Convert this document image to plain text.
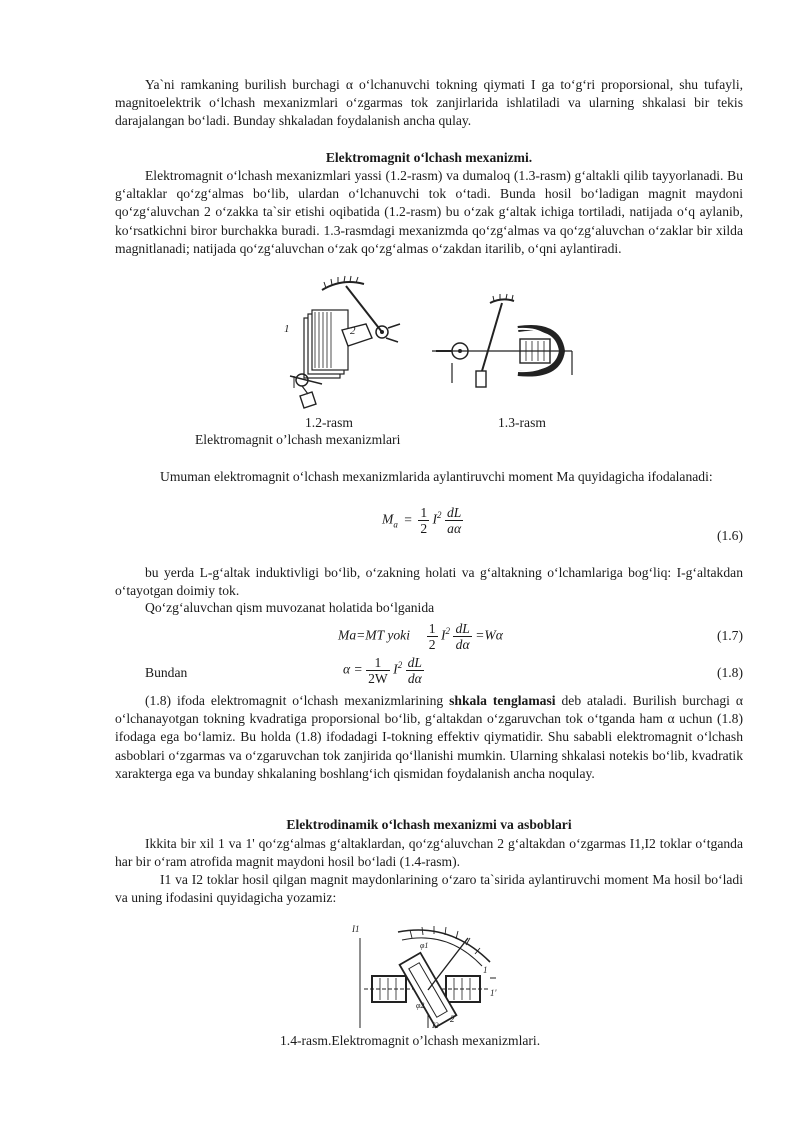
Ya`ni ramkaning burilish burchagi α o‘lchanuvchi tokning qiymati I ga to‘g‘ri proporsional, shu tufayli, magnitoelektrik o‘lchash mexanizmlari o‘zgarmas tok zanjirlarida ishlatiladi va ularning shkalasi bir tekis darajalangan bo‘ladi. Bunday shkaladan foydalanish ancha qulay.

Elektromagnit o‘lchash mexanizmi.

Elektromagnit o‘lchash mexanizmlari yassi (1.2-rasm) va dumaloq (1.3-rasm) g‘altakli qilib tayyorlanadi. Bu g‘altaklar qo‘zg‘almas bo‘lib, ulardan o‘lchanuvchi tok o‘tadi. Bunda hosil bo‘ladigan magnit maydoni qo‘zg‘aluvchan 2 o‘zakka ta`sir etishi oqibatida (1.2-rasm) bu o‘zak g‘altak ichiga tortiladi, natijada o‘q aylanib, ko‘rsatkichni biror burchakka buradi. 1.3-rasmdagi mexanizmda qo‘zg‘almas va qo‘zg‘aluvchan o‘zaklar bir xilda magnitlanadi; natijada qo‘zg‘aluvchan o‘zak qo‘zg‘almas o‘zakdan itarilib, o‘qni aylantiradi.

1	2

1.2-rasm	1.3-rasm

Elektromagnit o’lchash mexanizmlari

Umuman elektromagnit o‘lchash mexanizmlarida aylantiruvchi moment Mа quyidagicha ifodalanadi:

$M_a = \frac{1}{2} I^2 \frac{dL}{a\alpha}$	(1.6)

bu yerda L-g‘altak induktivligi bo‘lib, o‘zakning holati va g‘altakning o‘lchamlariga bog‘liq: I-g‘altakdan o‘tayotgan doimiy tok.

Qo‘zg‘aluvchan qism muvozanat holatida bo‘lganida

Mа=MT yoki $\frac{1}{2} I^2 \frac{dL}{d\alpha} =W\alpha$	(1.7)

Bundan	$\alpha = \frac{1}{2W} I^2 \frac{dL}{d\alpha}$	(1.8)

(1.8) ifoda elektromagnit o‘lchash mexanizmlarining shkala tenglamasi deb ataladi. Burilish burchagi α o‘lchanayotgan tokning kvadratiga proporsional bo‘lib, g‘altakdan o‘zgaruvchan tok o‘tganda ham α uchun (1.8) ifodaga ega bo‘lamiz. Bu holda (1.8) ifodadagi I-tokning effektiv qiymatidir. Shu sababli elektromagnit o‘lchash asboblari o‘zgarmas va o‘zgaruvchan tok zanjirida qo‘llanishi mumkin. Ularning shkalasi notekis bo‘lib, kvadratik xarakterga ega va bunday shkalaning boshlang‘ich qismidan foydalanish ancha noqulay.

Elektrodinamik o‘lchash mexanizmi va asboblari

Ikkita bir xil 1 va 1' qo‘zg‘almas g‘altaklardan, qo‘zg‘aluvchan 2 g‘altakdan o‘zgarmas I1,I2 toklar o‘tganda har bir o‘ram atrofida magnit maydoni hosil bo‘ladi (1.4-rasm).

I1 va I2 toklar hosil qilgan magnit maydonlarining o‘zaro ta`sirida aylantiruvchi moment Mа hosil bo‘ladi va uning ifodasini quyidagicha yozamiz:

I1
φ1
φ2
1
1'
2
I2

1.4-rasm.Elektromagnit o’lchash mexanizmlari.
